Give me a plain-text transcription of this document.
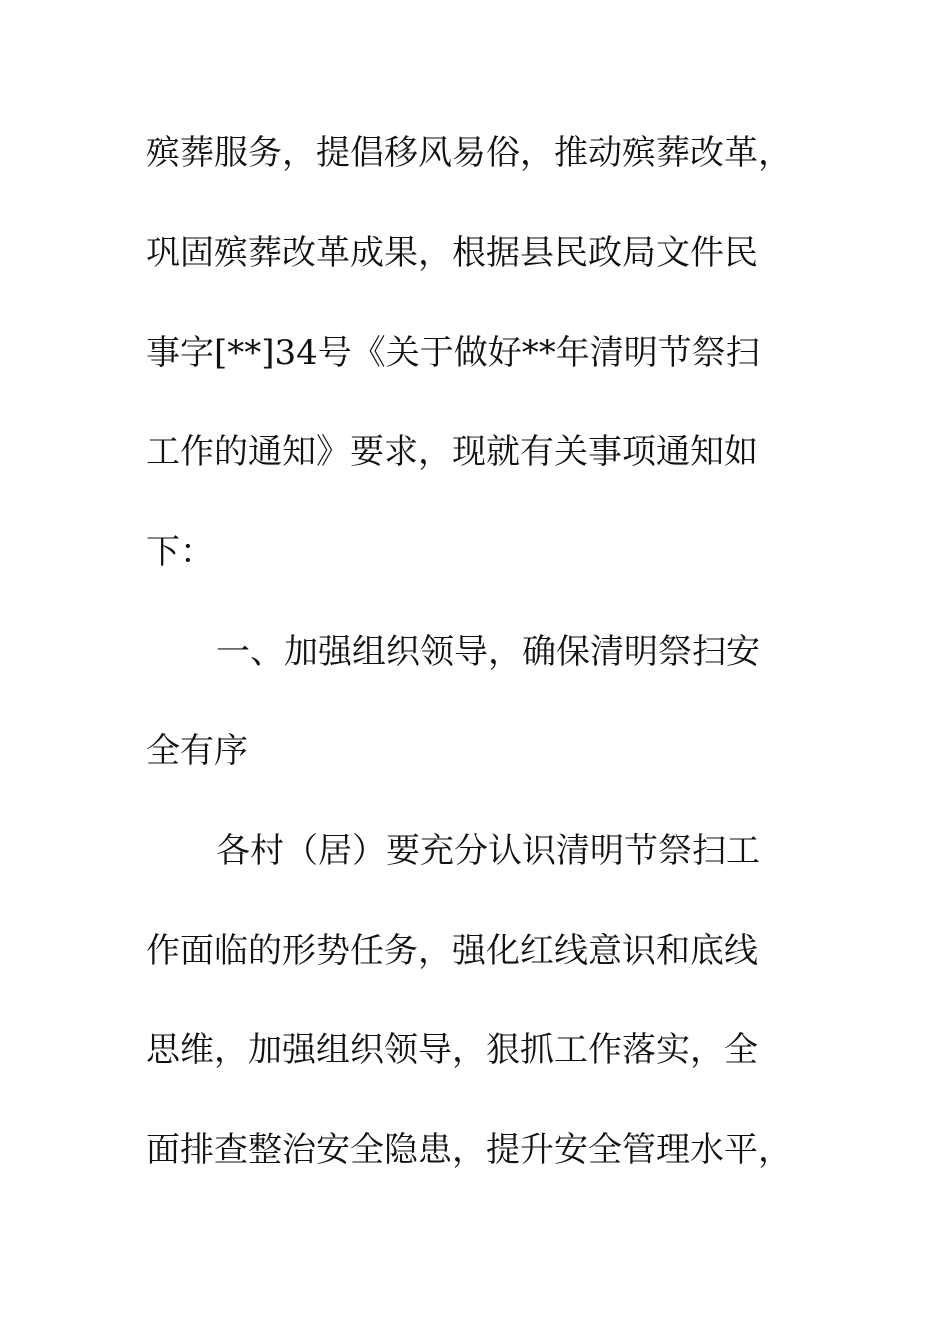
殡葬服务，提倡移风易俗，推动殡葬改革，
巩固殡葬改革成果，根据县民政局文件民
事字[**]34号《关于做好**年清明节祭扫
工作的通知》要求，现就有关事项通知如
下：
一、加强组织领导，确保清明祭扫安
全有序
各村（居）要充分认识清明节祭扫工
作面临的形势任务，强化红线意识和底线
思维，加强组织领导，狠抓工作落实，全
面排查整治安全隐患，提升安全管理水平，
